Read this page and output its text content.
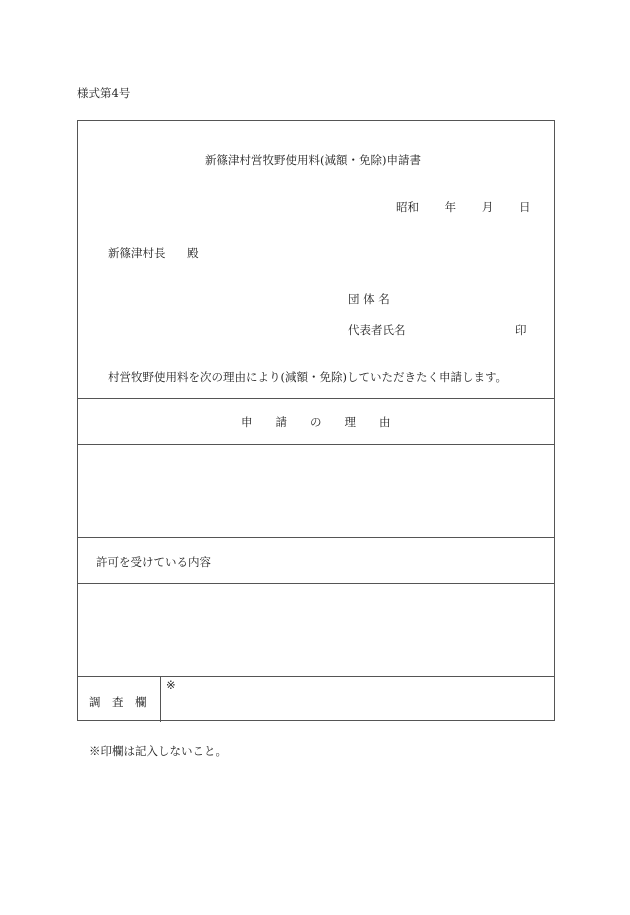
様式第4号
新篠津村営牧野使用料(減額・免除)申請書
昭和 年 月 日
新篠津村長 殿
団 体 名
代表者氏名	印
村営牧野使用料を次の理由により(減額・免除)していただきたく申請します。
申　　請　　の　　理　　由
許可を受けている内容
調　査　欄
※
※印欄は記入しないこと。
